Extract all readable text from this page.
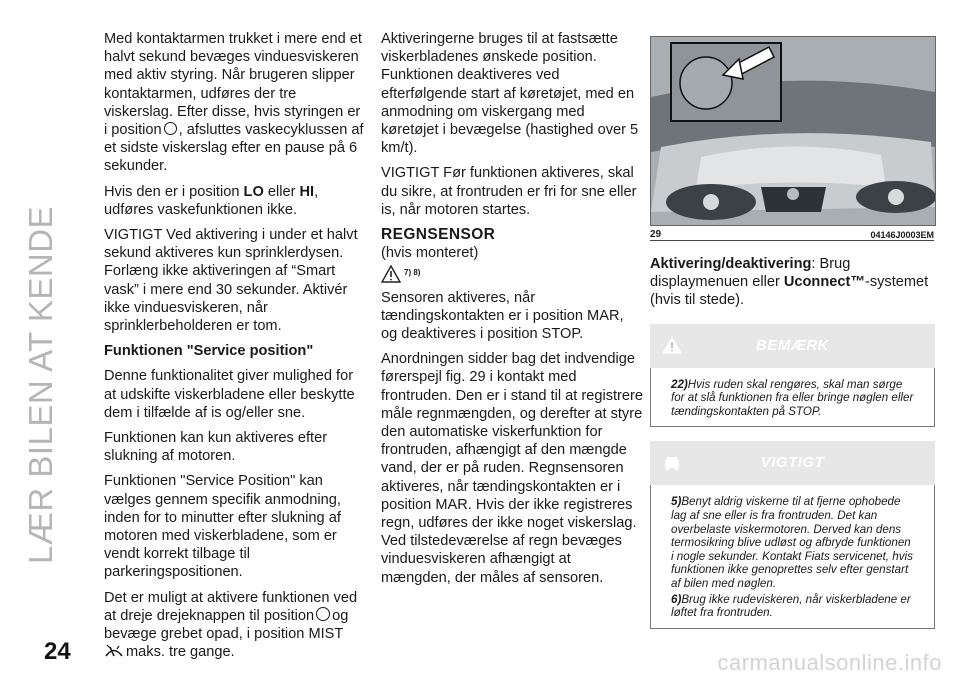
LÆR BILEN AT KENDE

Med kontaktarmen trukket i mere end et halvt sekund bevæges vinduesviskeren med aktiv styring. Når brugeren slipper kontaktarmen, udføres der tre viskerslag. Efter disse, hvis styringen er i position , afsluttes vaskecyklussen af et sidste viskerslag efter en pause på 6 sekunder.

Hvis den er i position LO eller HI, udføres vaskefunktionen ikke.

VIGTIGT Ved aktivering i under et halvt sekund aktiveres kun sprinklerdysen. Forlæng ikke aktiveringen af “Smart vask” i mere end 30 sekunder. Aktivér ikke vinduesviskeren, når sprinklerbeholderen er tom.

Funktionen "Service position"

Denne funktionalitet giver mulighed for at udskifte viskerbladene eller beskytte dem i tilfælde af is og/eller sne.

Funktionen kan kun aktiveres efter slukning af motoren.

Funktionen "Service Position" kan vælges gennem specifik anmodning, inden for to minutter efter slukning af motoren med viskerbladene, som er vendt korrekt tilbage til parkeringspositionen.

Det er muligt at aktivere funktionen ved at dreje drejeknappen til position og bevæge grebet opad, i position MIST
maks. tre gange.

Aktiveringerne bruges til at fastsætte viskerbladenes ønskede position. Funktionen deaktiveres ved efterfølgende start af køretøjet, med en anmodning om viskergang med køretøjet i bevægelse (hastighed over 5 km/t).

VIGTIGT Før funktionen aktiveres, skal du sikre, at frontruden er fri for sne eller is, når motoren startes.

REGNSENSOR
(hvis monteret)
7) 8)

Sensoren aktiveres, når tændingskontakten er i position MAR, og deaktiveres i position STOP.

Anordningen sidder bag det indvendige førerspejl fig. 29 i kontakt med frontruden. Den er i stand til at registrere måle regnmængden, og derefter at styre den automatiske viskerfunktion for frontruden, afhængigt af den mængde vand, der er på ruden. Regnsensoren aktiveres, når tændingskontakten er i position MAR. Hvis der ikke registreres regn, udføres der ikke noget viskerslag. Ved tilstedeværelse af regn bevæges vinduesviskeren afhængigt at mængden, der måles af sensoren.

29	04146J0003EM

Aktivering/deaktivering: Brug displaymenuen eller Uconnect™-systemet (hvis til stede).

BEMÆRK

22)Hvis ruden skal rengøres, skal man sørge for at slå funktionen fra eller bringe nøglen eller tændingskontakten på STOP.

VIGTIGT

5)Benyt aldrig viskerne til at fjerne ophobede lag af sne eller is fra frontruden. Det kan overbelaste viskermotoren. Derved kan dens termosikring blive udløst og afbryde funktionen i nogle sekunder. Kontakt Fiats servicenet, hvis funktionen ikke genoprettes selv efter genstart af bilen med nøglen.

6)Brug ikke rudeviskeren, når viskerbladene er løftet fra frontruden.

24	carmanualsonline.info
